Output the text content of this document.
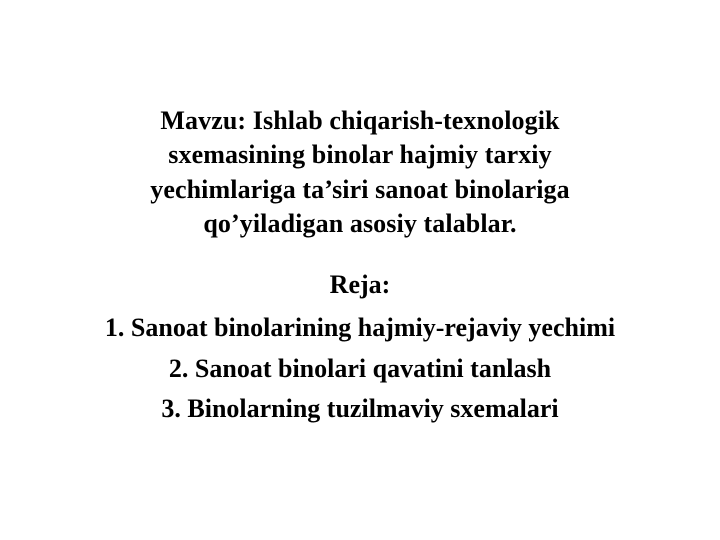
Mavzu: Ishlab chiqarish-texnologik
sxemasining binolar hajmiy tarxiy
yechimlariga ta’siri sanoat binolariga
qo’yiladigan asosiy talablar.
Reja:
1. Sanoat binolarining hajmiy-rejaviy yechimi
2. Sanoat binolari qavatini tanlash
3. Binolarning tuzilmaviy sxemalari
